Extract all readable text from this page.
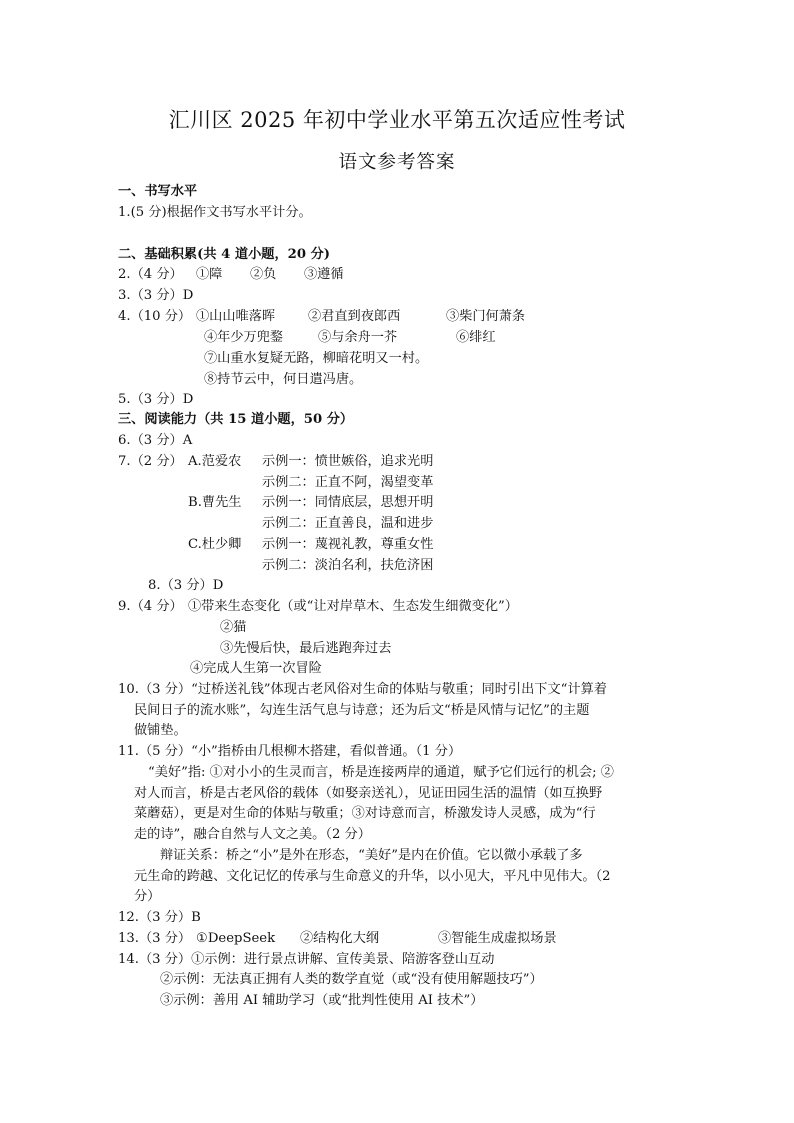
汇川区 2025 年初中学业水平第五次适应性考试
语文参考答案
一、书写水平
1.(5 分)根据作文书写水平计分。
二、基础积累(共 4 道小题，20 分)
2.（4 分） ①障 ②负 ③遵循
3.（3 分）D
4.（10 分） ①山山唯落晖 ②君直到夜郎西	③柴门何萧条
④年少万兜鍪	⑤与余舟一芥	⑥绯红
⑦山重水复疑无路，柳暗花明又一村。
⑧持节云中，何日遣冯唐。
5.（3 分）D
三、阅读能力（共 15 道小题，50 分）
6.（3 分）A
7.（2 分） A.范爱农 示例一：愤世嫉俗，追求光明
示例二：正直不阿，渴望变革
B.曹先生 示例一：同情底层，思想开明
示例二：正直善良，温和进步
C.杜少卿 示例一：蔑视礼教，尊重女性
示例二：淡泊名利，扶危济困
8.（3 分）D
9.（4 分） ①带来生态变化（或“让对岸草木、生态发生细微变化”）
②猫
③先慢后快，最后逃跑奔过去
④完成人生第一次冒险
10.（3 分）“过桥送礼钱”体现古老风俗对生命的体贴与敬重；同时引出下文“计算着
民间日子的流水账”，勾连生活气息与诗意；还为后文“桥是风情与记忆”的主题
做铺垫。
11.（5 分）“小”指桥由几根柳木搭建，看似普通。（1 分）
“美好”指: ①对小小的生灵而言，桥是连接两岸的通道，赋予它们远行的机会; ②
对人而言，桥是古老风俗的载体（如娶亲送礼），见证田园生活的温情（如互换野
菜蘑菇），更是对生命的体贴与敬重；③对诗意而言，桥激发诗人灵感，成为“行
走的诗”，融合自然与人文之美。（2 分）
辩证关系：桥之“小”是外在形态，“美好”是内在价值。它以微小承载了多
元生命的跨越、文化记忆的传承与生命意义的升华，以小见大，平凡中见伟大。（2
分）
12.（3 分）B
13.（3 分） ①DeepSeek ②结构化大纲	③智能生成虚拟场景
14.（3 分）①示例：进行景点讲解、宣传美景、陪游客登山互动
②示例：无法真正拥有人类的数学直觉（或“没有使用解题技巧”）
③示例：善用 AI 辅助学习（或“批判性使用 AI 技术”）
